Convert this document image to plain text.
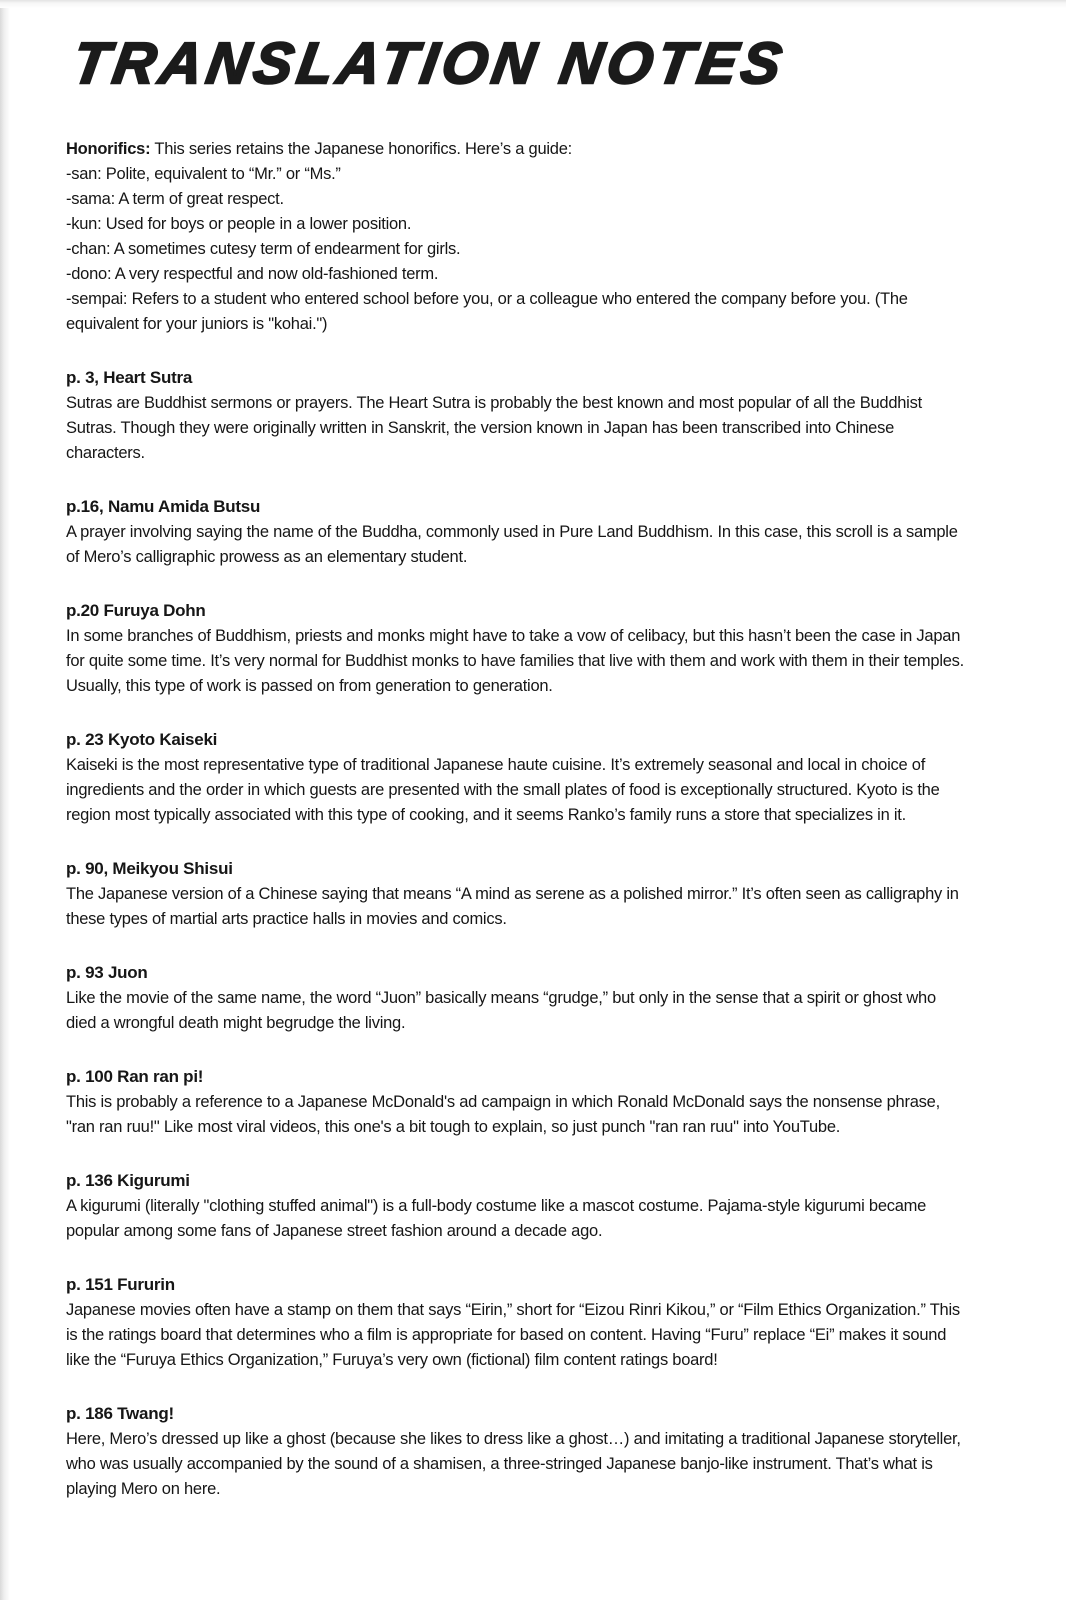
TRANSLATION NOTES

Honorifics: This series retains the Japanese honorifics. Here’s a guide:

-san: Polite, equivalent to “Mr.” or “Ms.”
-sama: A term of great respect.
-kun: Used for boys or people in a lower position.
-chan: A sometimes cutesy term of endearment for girls.
-dono: A very respectful and now old-fashioned term.
-sempai: Refers to a student who entered school before you, or a colleague who entered the company before you. (The equivalent for your juniors is "kohai.")
p. 3, Heart Sutra

Sutras are Buddhist sermons or prayers. The Heart Sutra is probably the best known and most popular of all the Buddhist Sutras. Though they were originally written in Sanskrit, the version known in Japan has been transcribed into Chinese characters.

p.16, Namu Amida Butsu

A prayer involving saying the name of the Buddha, commonly used in Pure Land Buddhism. In this case, this scroll is a sample of Mero’s calligraphic prowess as an elementary student.

p.20 Furuya Dohn

In some branches of Buddhism, priests and monks might have to take a vow of celibacy, but this hasn’t been the case in Japan for quite some time. It’s very normal for Buddhist monks to have families that live with them and work with them in their temples. Usually, this type of work is passed on from generation to generation.

p. 23 Kyoto Kaiseki

Kaiseki is the most representative type of traditional Japanese haute cuisine. It’s extremely seasonal and local in choice of ingredients and the order in which guests are presented with the small plates of food is exceptionally structured. Kyoto is the region most typically associated with this type of cooking, and it seems Ranko’s family runs a store that specializes in it.

p. 90, Meikyou Shisui

The Japanese version of a Chinese saying that means “A mind as serene as a polished mirror.” It’s often seen as calligraphy in these types of martial arts practice halls in movies and comics.

p. 93 Juon

Like the movie of the same name, the word “Juon” basically means “grudge,” but only in the sense that a spirit or ghost who died a wrongful death might begrudge the living.

p. 100 Ran ran pi!

This is probably a reference to a Japanese McDonald's ad campaign in which Ronald McDonald says the nonsense phrase, "ran ran ruu!" Like most viral videos, this one's a bit tough to explain, so just punch "ran ran ruu" into YouTube.

p. 136 Kigurumi

A kigurumi (literally "clothing stuffed animal") is a full-body costume like a mascot costume. Pajama-style kigurumi became popular among some fans of Japanese street fashion around a decade ago.

p. 151 Fururin

Japanese movies often have a stamp on them that says “Eirin,” short for “Eizou Rinri Kikou,” or “Film Ethics Organization.” This is the ratings board that determines who a film is appropriate for based on content. Having “Furu” replace “Ei” makes it sound like the “Furuya Ethics Organization,” Furuya’s very own (fictional) film content ratings board!

p. 186 Twang!

Here, Mero’s dressed up like a ghost (because she likes to dress like a ghost…) and imitating a traditional Japanese storyteller, who was usually accompanied by the sound of a shamisen, a three-stringed Japanese banjo-like instrument. That’s what is playing Mero on here.
